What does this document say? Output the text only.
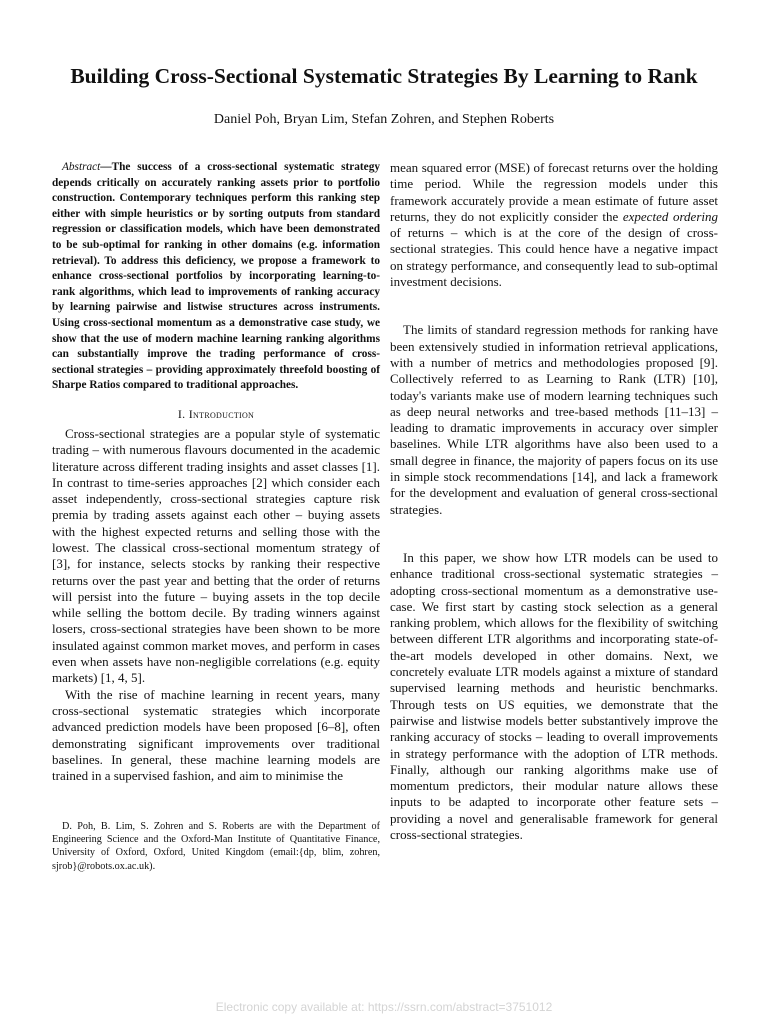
Building Cross-Sectional Systematic Strategies By Learning to Rank
Daniel Poh, Bryan Lim, Stefan Zohren, and Stephen Roberts

Abstract—The success of a cross-sectional systematic strategy depends critically on accurately ranking assets prior to portfolio construction. Contemporary techniques perform this ranking step either with simple heuristics or by sorting outputs from standard regression or classification models, which have been demonstrated to be sub-optimal for ranking in other domains (e.g. information retrieval). To address this deficiency, we propose a framework to enhance cross-sectional portfolios by incorporating learning-to-rank algorithms, which lead to improvements of ranking accuracy by learning pairwise and listwise structures across instruments. Using cross-sectional momentum as a demonstrative case study, we show that the use of modern machine learning ranking algorithms can substantially improve the trading performance of cross-sectional strategies – providing approximately threefold boosting of Sharpe Ratios compared to traditional approaches.

I. Introduction

Cross-sectional strategies are a popular style of systematic trading – with numerous flavours documented in the academic literature across different trading insights and asset classes [1]. In contrast to time-series approaches [2] which consider each asset independently, cross-sectional strategies capture risk premia by trading assets against each other – buying assets with the highest expected returns and selling those with the lowest. The classical cross-sectional momentum strategy of [3], for instance, selects stocks by ranking their respective returns over the past year and betting that the order of returns will persist into the future – buying assets in the top decile while selling the bottom decile. By trading winners against losers, cross-sectional strategies have been shown to be more insulated against common market moves, and perform in cases even when assets have non-negligible correlations (e.g. equity markets) [1, 4, 5].

With the rise of machine learning in recent years, many cross-sectional systematic strategies which incorporate advanced prediction models have been proposed [6–8], often demonstrating significant improvements over traditional baselines. In general, these machine learning models are trained in a supervised fashion, and aim to minimise the

D. Poh, B. Lim, S. Zohren and S. Roberts are with the Department of Engineering Science and the Oxford-Man Institute of Quantitative Finance, University of Oxford, Oxford, United Kingdom (email:{dp, blim, zohren, sjrob}@robots.ox.ac.uk).

mean squared error (MSE) of forecast returns over the holding time period. While the regression models under this framework accurately provide a mean estimate of future asset returns, they do not explicitly consider the expected ordering of returns – which is at the core of the design of cross-sectional strategies. This could hence have a negative impact on strategy performance, and consequently lead to sub-optimal investment decisions.

The limits of standard regression methods for ranking have been extensively studied in information retrieval applications, with a number of metrics and methodologies proposed [9]. Collectively referred to as Learning to Rank (LTR) [10], today's variants make use of modern learning techniques such as deep neural networks and tree-based methods [11–13] – leading to dramatic improvements in accuracy over simpler baselines. While LTR algorithms have also been used to a small degree in finance, the majority of papers focus on its use in simple stock recommendations [14], and lack a framework for the development and evaluation of general cross-sectional strategies.

In this paper, we show how LTR models can be used to enhance traditional cross-sectional systematic strategies – adopting cross-sectional momentum as a demonstrative use-case. We first start by casting stock selection as a general ranking problem, which allows for the flexibility of switching between different LTR algorithms and incorporating state-of-the-art models developed in other domains. Next, we concretely evaluate LTR models against a mixture of standard supervised learning methods and heuristic benchmarks. Through tests on US equities, we demonstrate that the pairwise and listwise models better substantively improve the ranking accuracy of stocks – leading to overall improvements in strategy performance with the adoption of LTR methods. Finally, although our ranking algorithms make use of momentum predictors, their modular nature allows these inputs to be adapted to incorporate other feature sets – providing a novel and generalisable framework for general cross-sectional strategies.

Electronic copy available at: https://ssrn.com/abstract=3751012
